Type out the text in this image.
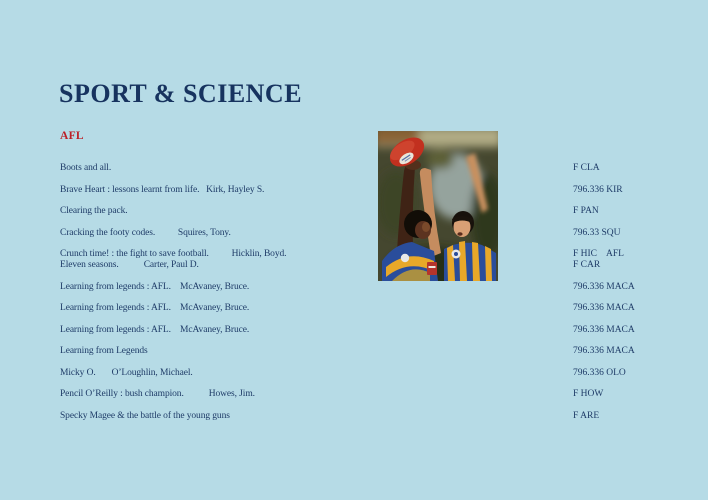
SPORT & SCIENCE
AFL
Boots and all.	F CLA
Brave Heart : lessons learnt from life. Kirk, Hayley S.	796.336 KIR
Clearing the pack.	F PAN
Cracking the footy codes. Squires, Tony.	796.33 SQU
Crunch time! : the fight to save football. Hicklin, Boyd.	F HIC    AFL
Eleven seasons.	Carter, Paul D.	F CAR
Learning from legends : AFL. McAvaney, Bruce.	796.336 MACA
Learning from legends : AFL. McAvaney, Bruce.	796.336 MACA
Learning from legends : AFL. McAvaney, Bruce.	796.336 MACA
Learning from Legends	796.336 MACA
Micky O. O’Loughlin, Michael.	796.336 OLO
Pencil O’Reilly : bush champion.	Howes, Jim.	F HOW
Specky Magee & the battle of the young guns	F ARE
